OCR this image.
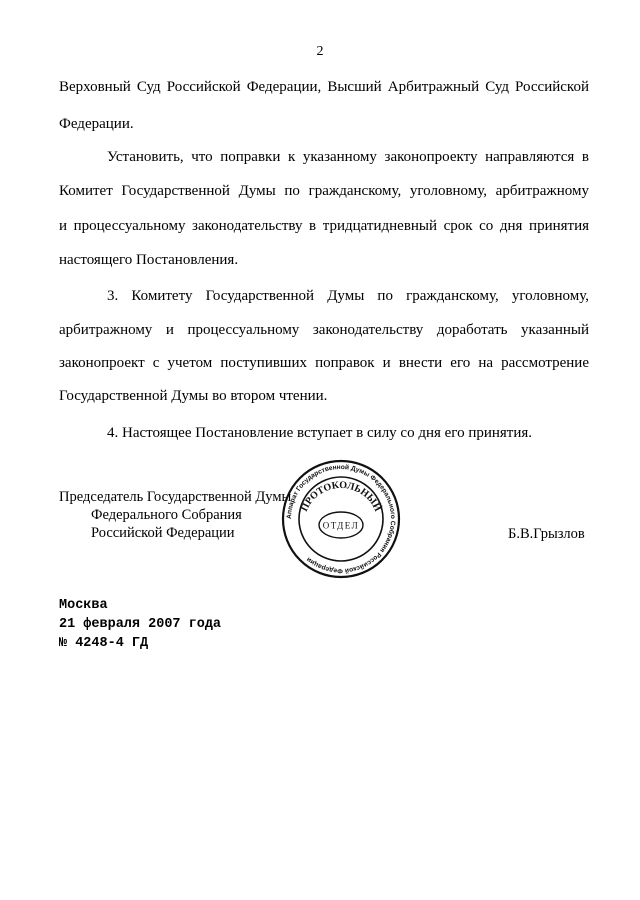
2
Верховный Суд Российской Федерации, Высший Арбитражный Суд Российской
Федерации.
Установить, что поправки к указанному законопроекту направляются в
Комитет Государственной Думы по гражданскому, уголовному, арбитражному
и процессуальному законодательству в тридцатидневный срок со дня принятия
настоящего Постановления.
3. Комитету Государственной Думы по гражданскому, уголовному,
арбитражному и процессуальному законодательству доработать указанный
законопроект с учетом поступивших поправок и внести его на рассмотрение
Государственной Думы во втором чтении.
4. Настоящее Постановление вступает в силу со дня его принятия.
Председатель Государственной Думы
Федерального Собрания
Российской Федерации	Б.В.Грызлов
Аппарат Государственной Думы Федерального Собрания Российской Федерации
ПРОТОКОЛЬНЫЙ
ОТДЕЛ
Москва
21 февраля 2007 года
№ 4248-4 ГД
